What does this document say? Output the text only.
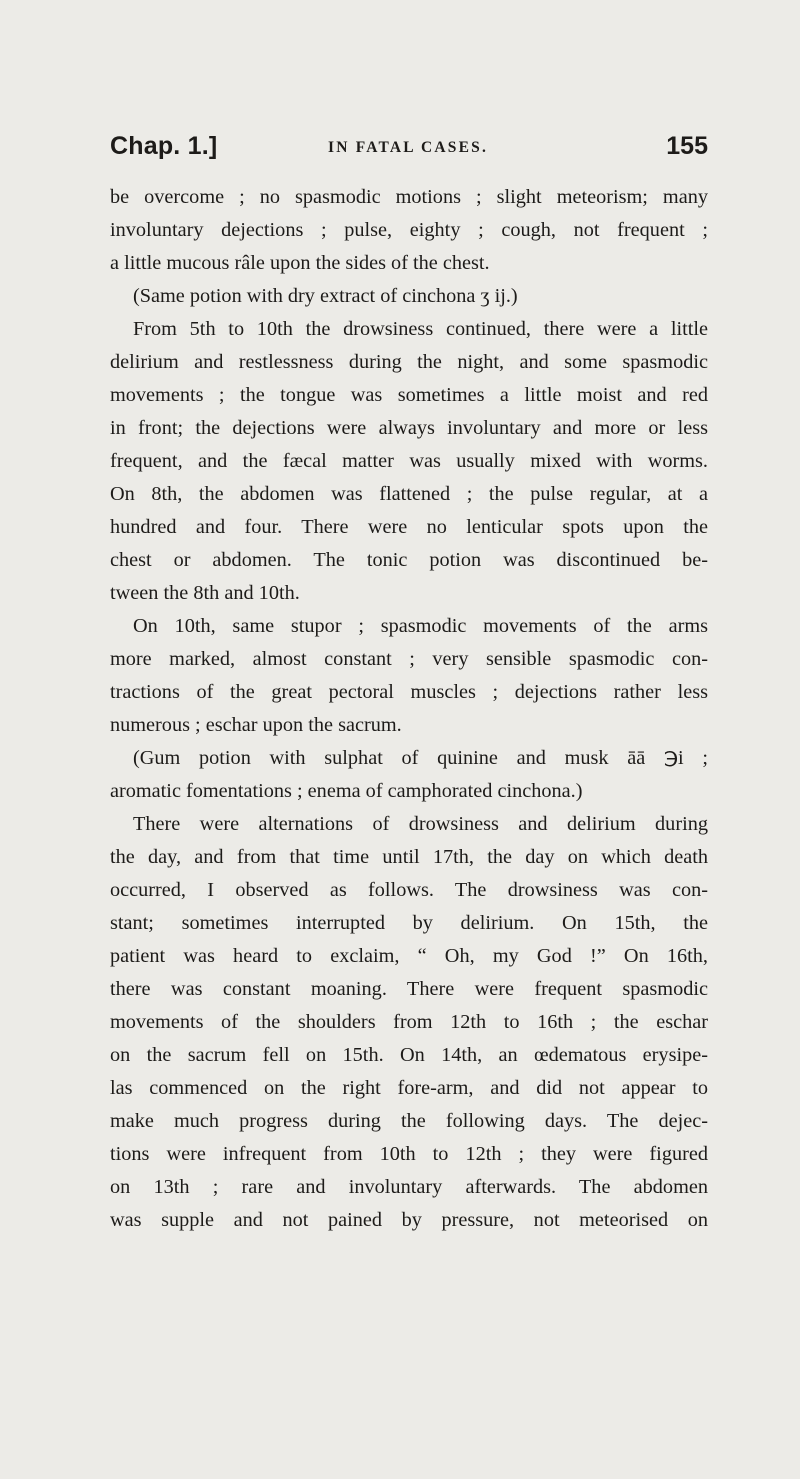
Chap. 1.]	IN FATAL CASES.	155
be overcome ; no spasmodic motions ; slight meteorism; many
involuntary dejections ; pulse, eighty ; cough, not frequent ;
a little mucous râle upon the sides of the chest.
(Same potion with dry extract of cinchona ʒ ij.)
From 5th to 10th the drowsiness continued, there were a little
delirium and restlessness during the night, and some spasmodic
movements ; the tongue was sometimes a little moist and red
in front; the dejections were always involuntary and more or less
frequent, and the fæcal matter was usually mixed with worms.
On 8th, the abdomen was flattened ; the pulse regular, at a
hundred and four. There were no lenticular spots upon the
chest or abdomen. The tonic potion was discontinued be-
tween the 8th and 10th.
On 10th, same stupor ; spasmodic movements of the arms
more marked, almost constant ; very sensible spasmodic con-
tractions of the great pectoral muscles ; dejections rather less
numerous ; eschar upon the sacrum.
(Gum potion with sulphat of quinine and musk āā ℈i ;
aromatic fomentations ; enema of camphorated cinchona.)
There were alternations of drowsiness and delirium during
the day, and from that time until 17th, the day on which death
occurred, I observed as follows. The drowsiness was con-
stant; sometimes interrupted by delirium. On 15th, the
patient was heard to exclaim, “ Oh, my God !” On 16th,
there was constant moaning. There were frequent spasmodic
movements of the shoulders from 12th to 16th ; the eschar
on the sacrum fell on 15th. On 14th, an œdematous erysipe-
las commenced on the right fore-arm, and did not appear to
make much progress during the following days. The dejec-
tions were infrequent from 10th to 12th ; they were figured
on 13th ; rare and involuntary afterwards. The abdomen
was supple and not pained by pressure, not meteorised on
